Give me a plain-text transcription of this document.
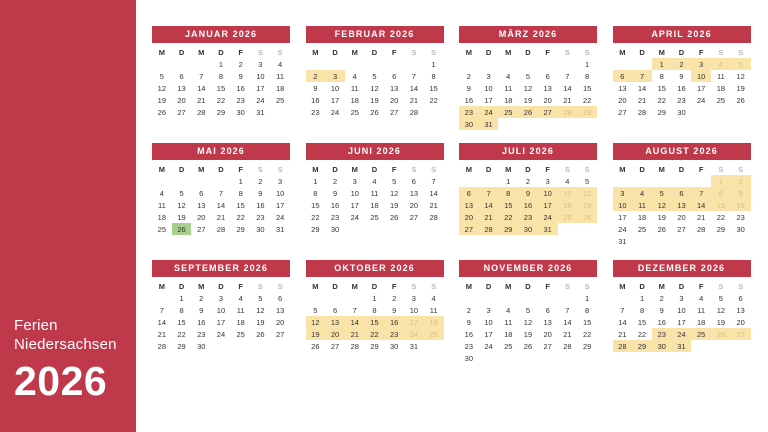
Ferien
Niedersachsen
2026
JANUAR 2026
M	D	M	D	F	S	S
			1	2	3	4
5	6	7	8	9	10	11
12	13	14	15	16	17	18
19	20	21	22	23	24	25
26	27	28	29	30	31	
FEBRUAR 2026
M	D	M	D	F	S	S
						1
2	3	4	5	6	7	8
9	10	11	12	13	14	15
16	17	18	19	20	21	22
23	24	25	26	27	28	
MÄRZ 2026
M	D	M	D	F	S	S
						1
2	3	4	5	6	7	8
9	10	11	12	13	14	15
16	17	18	19	20	21	22
23	24	25	26	27	28	29
30	31					
APRIL 2026
M	D	M	D	F	S	S
		1	2	3	4	5
6	7	8	9	10	11	12
13	14	15	16	17	18	19
20	21	22	23	24	25	26
27	28	29	30			
MAI 2026
M	D	M	D	F	S	S
				1	2	3
4	5	6	7	8	9	10
11	12	13	14	15	16	17
18	19	20	21	22	23	24
25	26	27	28	29	30	31
JUNI 2026
M	D	M	D	F	S	S
1	2	3	4	5	6	7
8	9	10	11	12	13	14
15	16	17	18	19	20	21
22	23	24	25	26	27	28
29	30					
JULI 2026
M	D	M	D	F	S	S
		1	2	3	4	5
6	7	8	9	10	11	12
13	14	15	16	17	18	19
20	21	22	23	24	25	26
27	28	29	30	31		
AUGUST 2026
M	D	M	D	F	S	S
					1	2
3	4	5	6	7	8	9
10	11	12	13	14	15	16
17	18	19	20	21	22	23
24	25	26	27	28	29	30
31						
SEPTEMBER 2026
M	D	M	D	F	S	S
	1	2	3	4	5	6
7	8	9	10	11	12	13
14	15	16	17	18	19	20
21	22	23	24	25	26	27
28	29	30				
OKTOBER 2026
M	D	M	D	F	S	S
			1	2	3	4
5	6	7	8	9	10	11
12	13	14	15	16	17	18
19	20	21	22	23	24	25
26	27	28	29	30	31	
NOVEMBER 2026
M	D	M	D	F	S	S
						1
2	3	4	5	6	7	8
9	10	11	12	13	14	15
16	17	18	19	20	21	22
23	24	25	26	27	28	29
30						
DEZEMBER 2026
M	D	M	D	F	S	S
	1	2	3	4	5	6
7	8	9	10	11	12	13
14	15	16	17	18	19	20
21	22	23	24	25	26	27
28	29	30	31			
